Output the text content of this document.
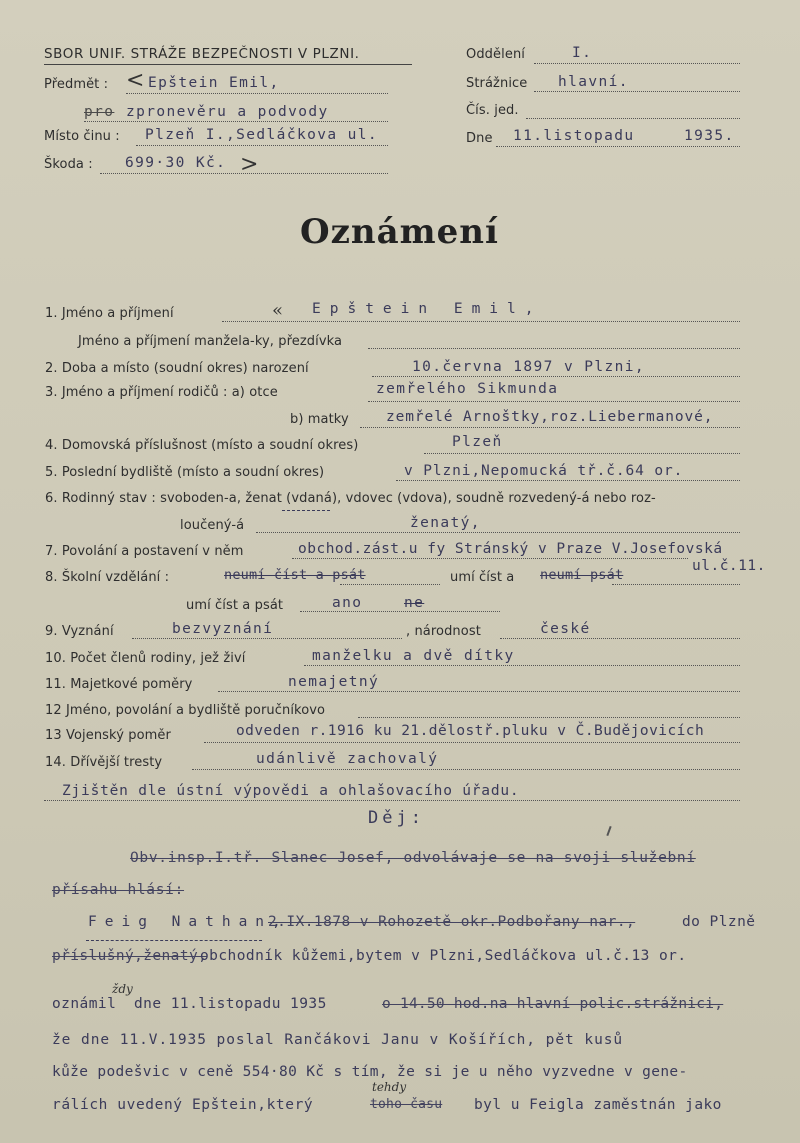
SBOR UNIF. STRÁŽE BEZPEČNOSTI V PLZNI.
Předmět : < Epštein Emil,
pro zpronevěru a podvody
Místo činu : Plzeň I.,Sedláčkova ul.
Škoda : 699·30 Kč. >
Oddělení	I.
Strážnice hlavní.
Čís. jed.
Dne 11.listopadu	1935.
Oznámení
1. Jméno a příjmení	« Epštein Emil,
Jméno a příjmení manžela-ky, přezdívka
2. Doba a místo (soudní okres) narození	10.června 1897 v Plzni,
3. Jméno a příjmení rodičů : a) otce	zemřelého Sikmunda
b) matky	zemřelé Arnoštky,roz.Liebermanové,
4. Domovská příslušnost (místo a soudní okres)	Plzeň
5. Poslední bydliště (místo a soudní okres)	v Plzni,Nepomucká tř.č.64 or.
6. Rodinný stav : svoboden-a, ženat (vdaná), vdovec (vdova), soudně rozvedený-á nebo roz-
loučený-á	ženatý,
7. Povolání a postavení v něm	obchod.zást.u fy Stránský v Praze V.Josefovská
ul.č.11.
8. Školní vzdělání :	neumí číst a psát	umí číst a neumí psát
umí číst a psát	ano	ne
9. Vyznání	bezvyznání	, národnost	české
10. Počet členů rodiny, jež živí	manželku a dvě dítky
11. Majetkové poměry	nemajetný
12 Jméno, povolání a bydliště poručníkovo
13 Vojenský poměr	odveden r.1916 ku 21.dělostř.pluku v Č.Budějovicích
14. Dřívější tresty	udánlivě zachovalý
Zjištěn dle ústní výpovědi a ohlašovacího úřadu.
Děj:
Obv.insp.I.tř. Slanec Josef, odvolávaje se na svoji služební
přísahu hlásí:
Feig Nathan,
2.IX.1878 v Rohozetě okr.Podbořany nar.,	do Plzně
příslušný,ženatý,
obchodník kůžemi,bytem v Plzni,Sedláčkova ul.č.13 or.
oznámil
ždy
dne 11.listopadu 1935	o 14.50 hod.na hlavní polic.strážnici,
že dne 11.V.1935 poslal Rančákovi Janu v Košířích, pět kusů
kůže podešvic v ceně 554·80 Kč s tím, že si je u něho vyzvedne v gene-
rálích uvedený Epštein,který
tehdy
toho času byl u Feigla zaměstnán jako
